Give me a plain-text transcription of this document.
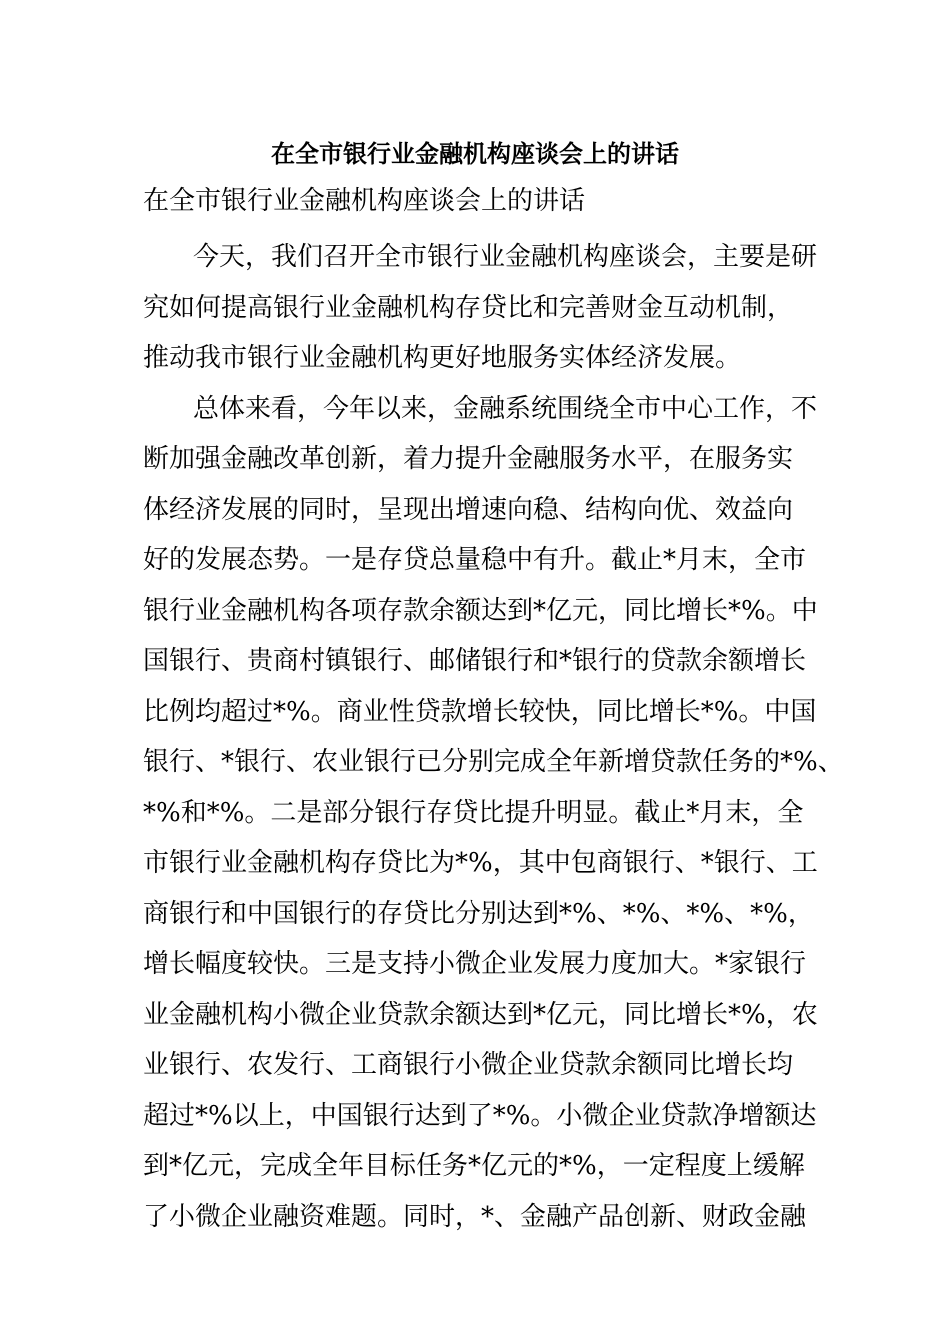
在全市银行业金融机构座谈会上的讲话
在全市银行业金融机构座谈会上的讲话
今天，我们召开全市银行业金融机构座谈会，主要是研
究如何提高银行业金融机构存贷比和完善财金互动机制，
推动我市银行业金融机构更好地服务实体经济发展。
总体来看，今年以来，金融系统围绕全市中心工作，不
断加强金融改革创新，着力提升金融服务水平，在服务实
体经济发展的同时，呈现出增速向稳、结构向优、效益向
好的发展态势。一是存贷总量稳中有升。截止*月末，全市
银行业金融机构各项存款余额达到*亿元，同比增长*%。中
国银行、贵商村镇银行、邮储银行和*银行的贷款余额增长
比例均超过*%。商业性贷款增长较快，同比增长*%。中国
银行、*银行、农业银行已分别完成全年新增贷款任务的*%、
*%和*%。二是部分银行存贷比提升明显。截止*月末，全
市银行业金融机构存贷比为*%，其中包商银行、*银行、工
商银行和中国银行的存贷比分别达到*%、*%、*%、*%，
增长幅度较快。三是支持小微企业发展力度加大。*家银行
业金融机构小微企业贷款余额达到*亿元，同比增长*%，农
业银行、农发行、工商银行小微企业贷款余额同比增长均
超过*%以上，中国银行达到了*%。小微企业贷款净增额达
到*亿元，完成全年目标任务*亿元的*%，一定程度上缓解
了小微企业融资难题。同时，*、金融产品创新、财政金融
